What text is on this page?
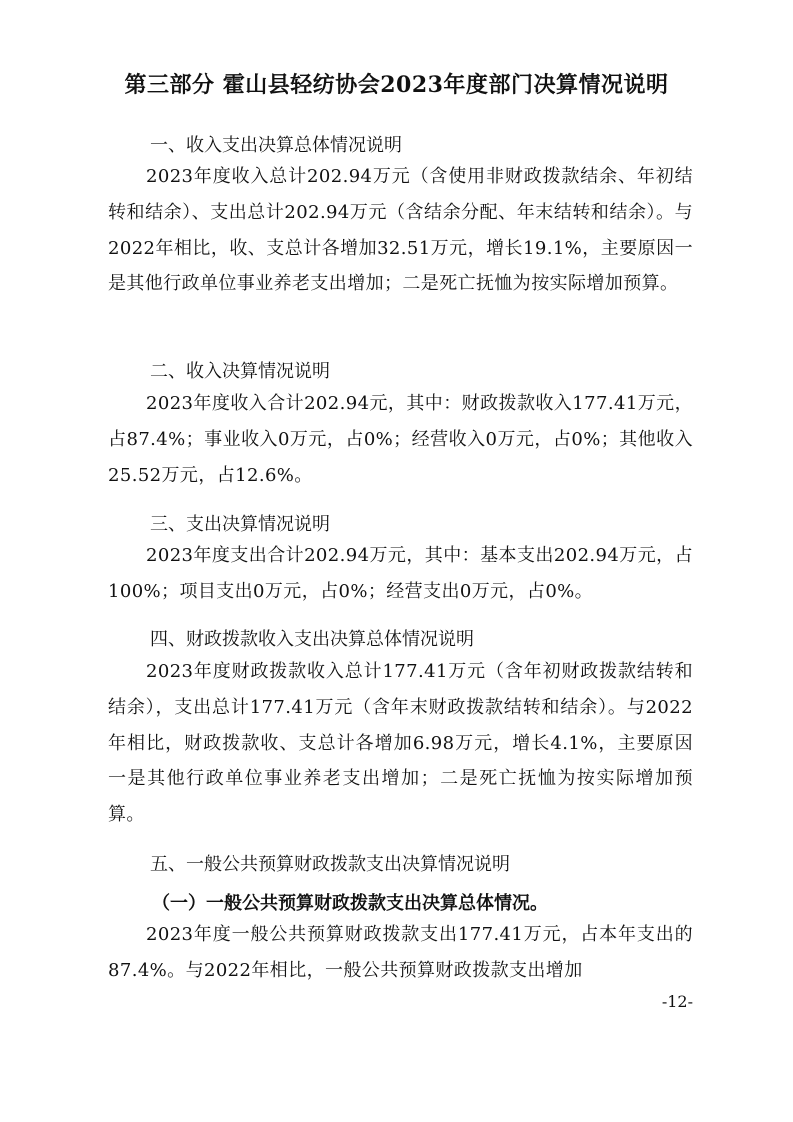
第三部分 霍山县轻纺协会2023年度部门决算情况说明
一、收入支出决算总体情况说明

2023年度收入总计202.94万元（含使用非财政拨款结余、年初结转和结余）、支出总计202.94万元（含结余分配、年末结转和结余）。与2022年相比，收、支总计各增加32.51万元，增长19.1%，主要原因一是其他行政单位事业养老支出增加；二是死亡抚恤为按实际增加预算。

二、收入决算情况说明

2023年度收入合计202.94元，其中：财政拨款收入177.41万元，占87.4%；事业收入0万元，占0%；经营收入0万元，占0%；其他收入25.52万元，占12.6%。

三、支出决算情况说明

2023年度支出合计202.94万元，其中：基本支出202.94万元，占100%；项目支出0万元，占0%；经营支出0万元，占0%。

四、财政拨款收入支出决算总体情况说明

2023年度财政拨款收入总计177.41万元（含年初财政拨款结转和结余），支出总计177.41万元（含年末财政拨款结转和结余）。与2022年相比，财政拨款收、支总计各增加6.98万元，增长4.1%，主要原因一是其他行政单位事业养老支出增加；二是死亡抚恤为按实际增加预算。

五、一般公共预算财政拨款支出决算情况说明
（一）一般公共预算财政拨款支出决算总体情况。

2023年度一般公共预算财政拨款支出177.41万元，占本年支出的87.4%。与2022年相比，一般公共预算财政拨款支出增加

-12-
